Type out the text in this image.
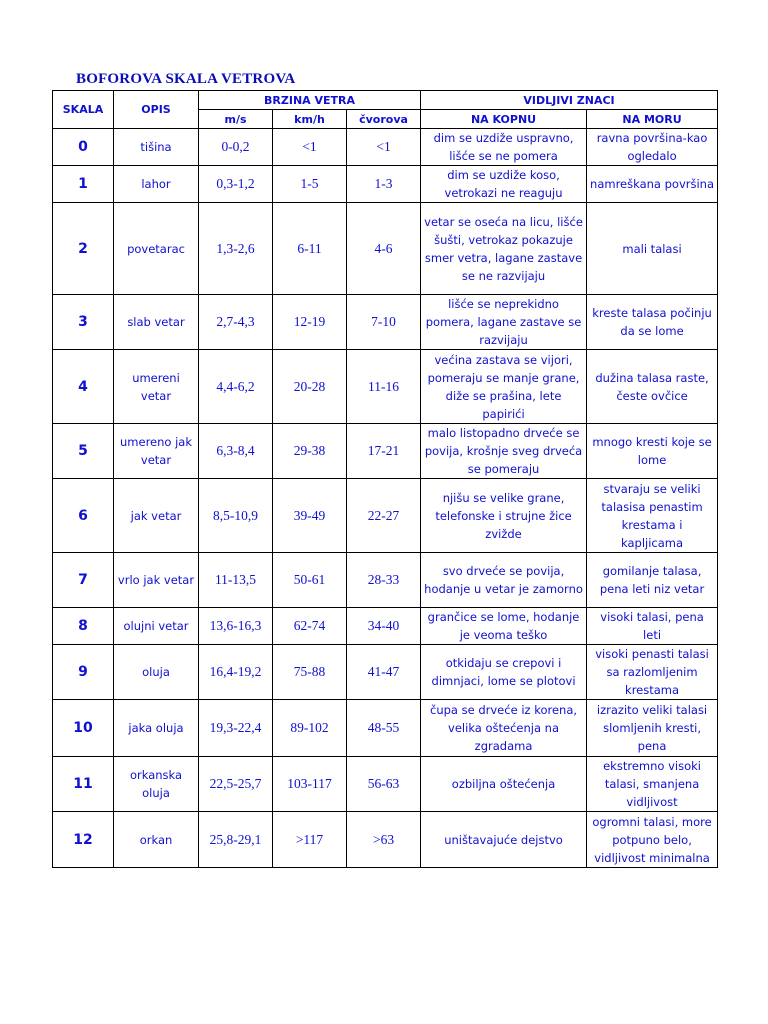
BOFOROVA SKALA VETROVA
SKALA	OPIS	BRZINA VETRA			VIDLJIVI ZNACI	
		m/s	km/h	čvorova	NA KOPNU	NA MORU
0	tišina	0-0,2	<1	<1	dim se uzdiže uspravno, lišće se ne pomera	ravna površina-kao ogledalo
1	lahor	0,3-1,2	1-5	1-3	dim se uzdiže koso, vetrokazi ne reaguju	namreškana površina
2	povetarac	1,3-2,6	6-11	4-6	vetar se oseća na licu, lišće šušti, vetrokaz pokazuje smer vetra, lagane zastave se ne razvijaju	mali talasi
3	slab vetar	2,7-4,3	12-19	7-10	lišće se neprekidno pomera, lagane zastave se razvijaju	kreste talasa počinju da se lome
4	umereni vetar	4,4-6,2	20-28	11-16	većina zastava se vijori, pomeraju se manje grane, diže se prašina, lete papirići	dužina talasa raste, česte ovčice
5	umereno jak vetar	6,3-8,4	29-38	17-21	malo listopadno drveće se povija, krošnje sveg drveća se pomeraju	mnogo kresti koje se lome
6	jak vetar	8,5-10,9	39-49	22-27	njišu se velike grane, telefonske i strujne žice zvižde	stvaraju se veliki talasisa penastim krestama i kapljicama
7	vrlo jak vetar	11-13,5	50-61	28-33	svo drveće se povija, hodanje u vetar je zamorno	gomilanje talasa, pena leti niz vetar
8	olujni vetar	13,6-16,3	62-74	34-40	grančice se lome, hodanje je veoma teško	visoki talasi, pena leti
9	oluja	16,4-19,2	75-88	41-47	otkidaju se crepovi i dimnjaci, lome se plotovi	visoki penasti talasi sa razlomljenim krestama
10	jaka oluja	19,3-22,4	89-102	48-55	čupa se drveće iz korena, velika oštećenja na zgradama	izrazito veliki talasi slomljenih kresti, pena
11	orkanska oluja	22,5-25,7	103-117	56-63	ozbiljna oštećenja	ekstremno visoki talasi, smanjena vidljivost
12	orkan	25,8-29,1	>117	>63	uništavajuće dejstvo	ogromni talasi, more potpuno belo, vidljivost minimalna
